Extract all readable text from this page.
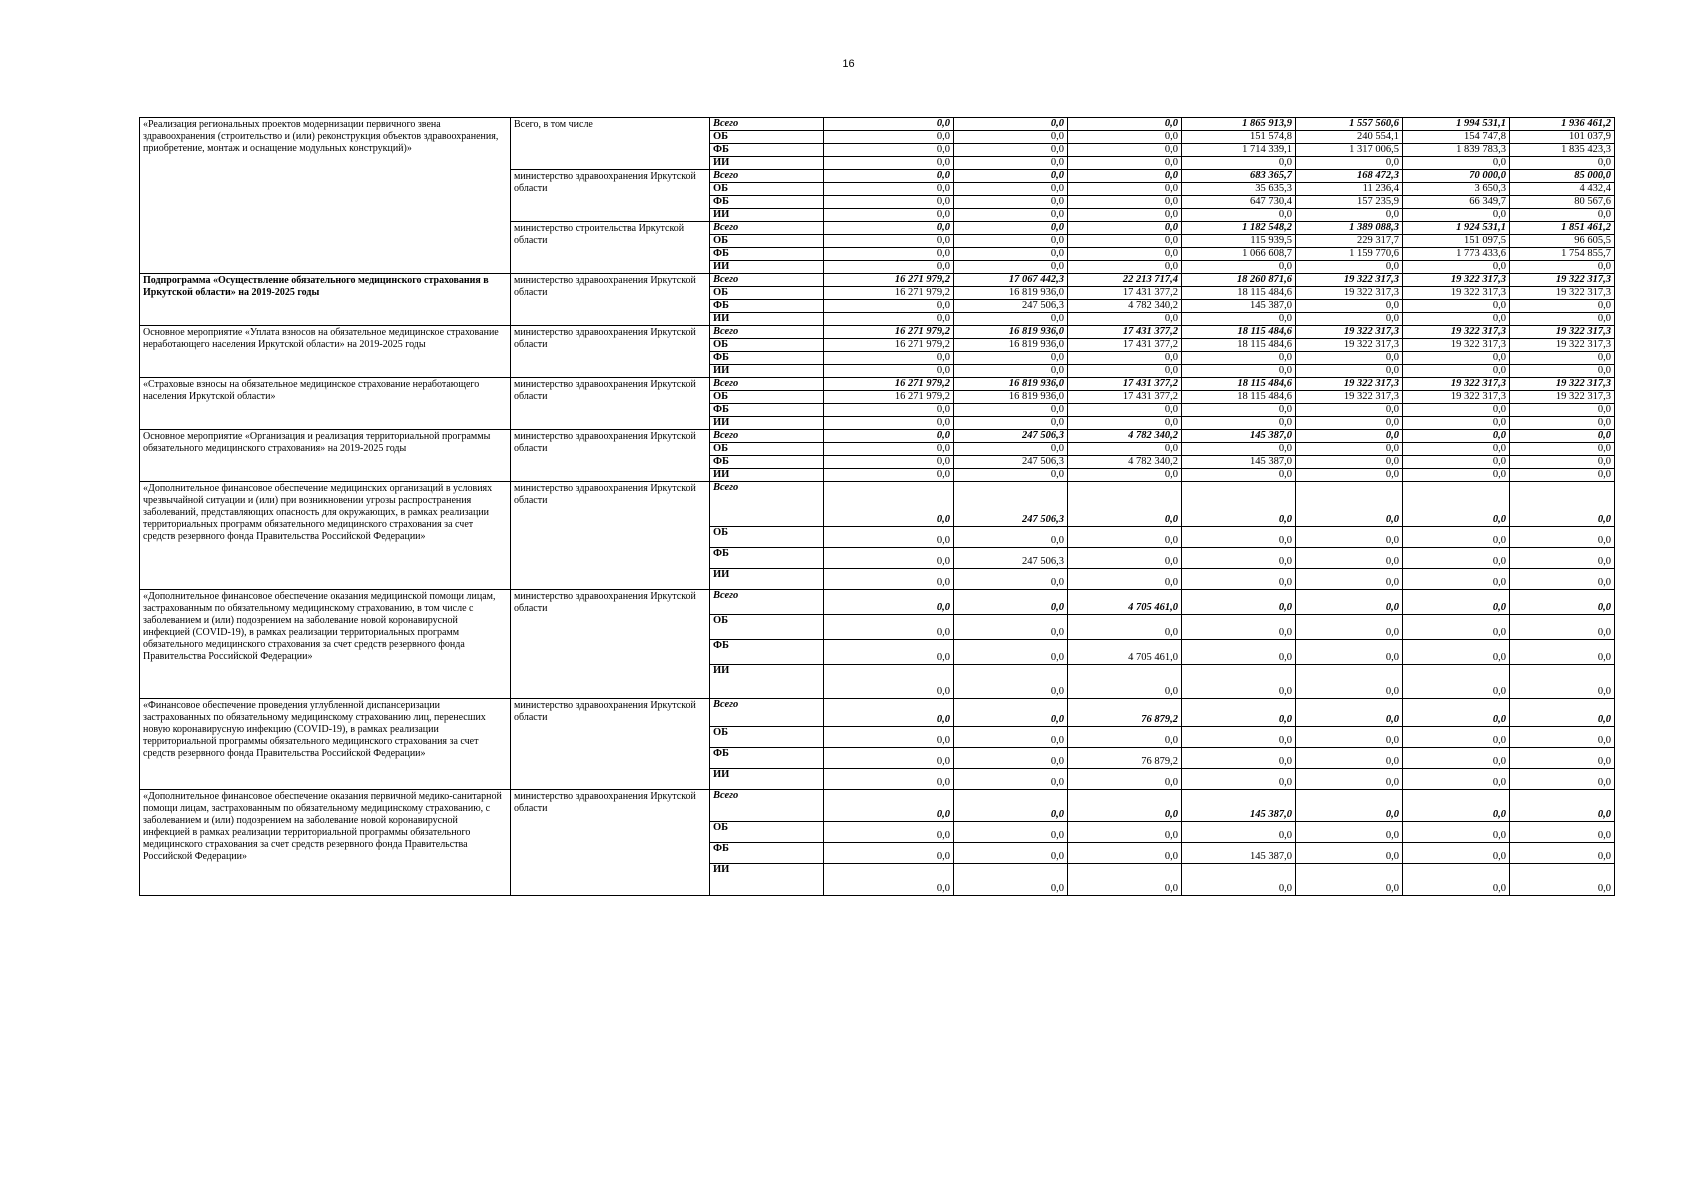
16
«Реализация региональных проектов модернизации первичного звена здравоохранения (строительство и (или) реконструкция объектов здравоохранения, приобретение, монтаж и оснащение модульных конструкций)»	Всего, в том числе	Всего	0,0	0,0	0,0	1 865 913,9	1 557 560,6	1 994 531,1	1 936 461,2
		ОБ	0,0	0,0	0,0	151 574,8	240 554,1	154 747,8	101 037,9
		ФБ	0,0	0,0	0,0	1 714 339,1	1 317 006,5	1 839 783,3	1 835 423,3
		ИИ	0,0	0,0	0,0	0,0	0,0	0,0	0,0
	министерство здравоохранения Иркутской области	Всего	0,0	0,0	0,0	683 365,7	168 472,3	70 000,0	85 000,0
		ОБ	0,0	0,0	0,0	35 635,3	11 236,4	3 650,3	4 432,4
		ФБ	0,0	0,0	0,0	647 730,4	157 235,9	66 349,7	80 567,6
		ИИ	0,0	0,0	0,0	0,0	0,0	0,0	0,0
	министерство строительства Иркутской области	Всего	0,0	0,0	0,0	1 182 548,2	1 389 088,3	1 924 531,1	1 851 461,2
		ОБ	0,0	0,0	0,0	115 939,5	229 317,7	151 097,5	96 605,5
		ФБ	0,0	0,0	0,0	1 066 608,7	1 159 770,6	1 773 433,6	1 754 855,7
		ИИ	0,0	0,0	0,0	0,0	0,0	0,0	0,0
Подпрограмма «Осуществление обязательного медицинского страхования в Иркутской области» на 2019-2025 годы	министерство здравоохранения Иркутской области	Всего	16 271 979,2	17 067 442,3	22 213 717,4	18 260 871,6	19 322 317,3	19 322 317,3	19 322 317,3
		ОБ	16 271 979,2	16 819 936,0	17 431 377,2	18 115 484,6	19 322 317,3	19 322 317,3	19 322 317,3
		ФБ	0,0	247 506,3	4 782 340,2	145 387,0	0,0	0,0	0,0
		ИИ	0,0	0,0	0,0	0,0	0,0	0,0	0,0
Основное мероприятие «Уплата взносов на обязательное медицинское страхование неработающего населения Иркутской области» на 2019-2025 годы	министерство здравоохранения Иркутской области	Всего	16 271 979,2	16 819 936,0	17 431 377,2	18 115 484,6	19 322 317,3	19 322 317,3	19 322 317,3
		ОБ	16 271 979,2	16 819 936,0	17 431 377,2	18 115 484,6	19 322 317,3	19 322 317,3	19 322 317,3
		ФБ	0,0	0,0	0,0	0,0	0,0	0,0	0,0
		ИИ	0,0	0,0	0,0	0,0	0,0	0,0	0,0
«Страховые взносы на обязательное медицинское страхование неработающего населения Иркутской области»	министерство здравоохранения Иркутской области	Всего	16 271 979,2	16 819 936,0	17 431 377,2	18 115 484,6	19 322 317,3	19 322 317,3	19 322 317,3
		ОБ	16 271 979,2	16 819 936,0	17 431 377,2	18 115 484,6	19 322 317,3	19 322 317,3	19 322 317,3
		ФБ	0,0	0,0	0,0	0,0	0,0	0,0	0,0
		ИИ	0,0	0,0	0,0	0,0	0,0	0,0	0,0
Основное мероприятие «Организация и реализация территориальной программы обязательного медицинского страхования» на 2019-2025 годы	министерство здравоохранения Иркутской области	Всего	0,0	247 506,3	4 782 340,2	145 387,0	0,0	0,0	0,0
		ОБ	0,0	0,0	0,0	0,0	0,0	0,0	0,0
		ФБ	0,0	247 506,3	4 782 340,2	145 387,0	0,0	0,0	0,0
		ИИ	0,0	0,0	0,0	0,0	0,0	0,0	0,0
«Дополнительное финансовое обеспечение медицинских организаций в условиях чрезвычайной ситуации и (или) при возникновении угрозы распространения заболеваний, представляющих опасность для окружающих, в рамках реализации территориальных программ обязательного медицинского страхования за счет средств резервного фонда Правительства Российской Федерации»	министерство здравоохранения Иркутской области	Всего	0,0	247 506,3	0,0	0,0	0,0	0,0	0,0
		ОБ	0,0	0,0	0,0	0,0	0,0	0,0	0,0
		ФБ	0,0	247 506,3	0,0	0,0	0,0	0,0	0,0
		ИИ	0,0	0,0	0,0	0,0	0,0	0,0	0,0
«Дополнительное финансовое обеспечение оказания медицинской помощи лицам, застрахованным по обязательному медицинскому страхованию, в том числе с заболеванием и (или) подозрением на заболевание новой коронавирусной инфекцией (COVID-19), в рамках реализации территориальных программ обязательного медицинского страхования за счет средств резервного фонда Правительства Российской Федерации»	министерство здравоохранения Иркутской области	Всего	0,0	0,0	4 705 461,0	0,0	0,0	0,0	0,0
		ОБ	0,0	0,0	0,0	0,0	0,0	0,0	0,0
		ФБ	0,0	0,0	4 705 461,0	0,0	0,0	0,0	0,0
		ИИ	0,0	0,0	0,0	0,0	0,0	0,0	0,0
«Финансовое обеспечение проведения углубленной диспансеризации застрахованных по обязательному медицинскому страхованию лиц, перенесших новую коронавирусную инфекцию (COVID-19), в рамках реализации территориальной программы обязательного медицинского страхования за счет средств резервного фонда Правительства Российской Федерации»	министерство здравоохранения Иркутской области	Всего	0,0	0,0	76 879,2	0,0	0,0	0,0	0,0
		ОБ	0,0	0,0	0,0	0,0	0,0	0,0	0,0
		ФБ	0,0	0,0	76 879,2	0,0	0,0	0,0	0,0
		ИИ	0,0	0,0	0,0	0,0	0,0	0,0	0,0
«Дополнительное финансовое обеспечение оказания первичной медико-санитарной помощи лицам, застрахованным по обязательному медицинскому страхованию, с заболеванием и (или) подозрением на заболевание новой коронавирусной инфекцией в рамках реализации территориальной программы обязательного медицинского страхования за счет средств резервного фонда Правительства Российской Федерации»	министерство здравоохранения Иркутской области	Всего	0,0	0,0	0,0	145 387,0	0,0	0,0	0,0
		ОБ	0,0	0,0	0,0	0,0	0,0	0,0	0,0
		ФБ	0,0	0,0	0,0	145 387,0	0,0	0,0	0,0
		ИИ	0,0	0,0	0,0	0,0	0,0	0,0	0,0
